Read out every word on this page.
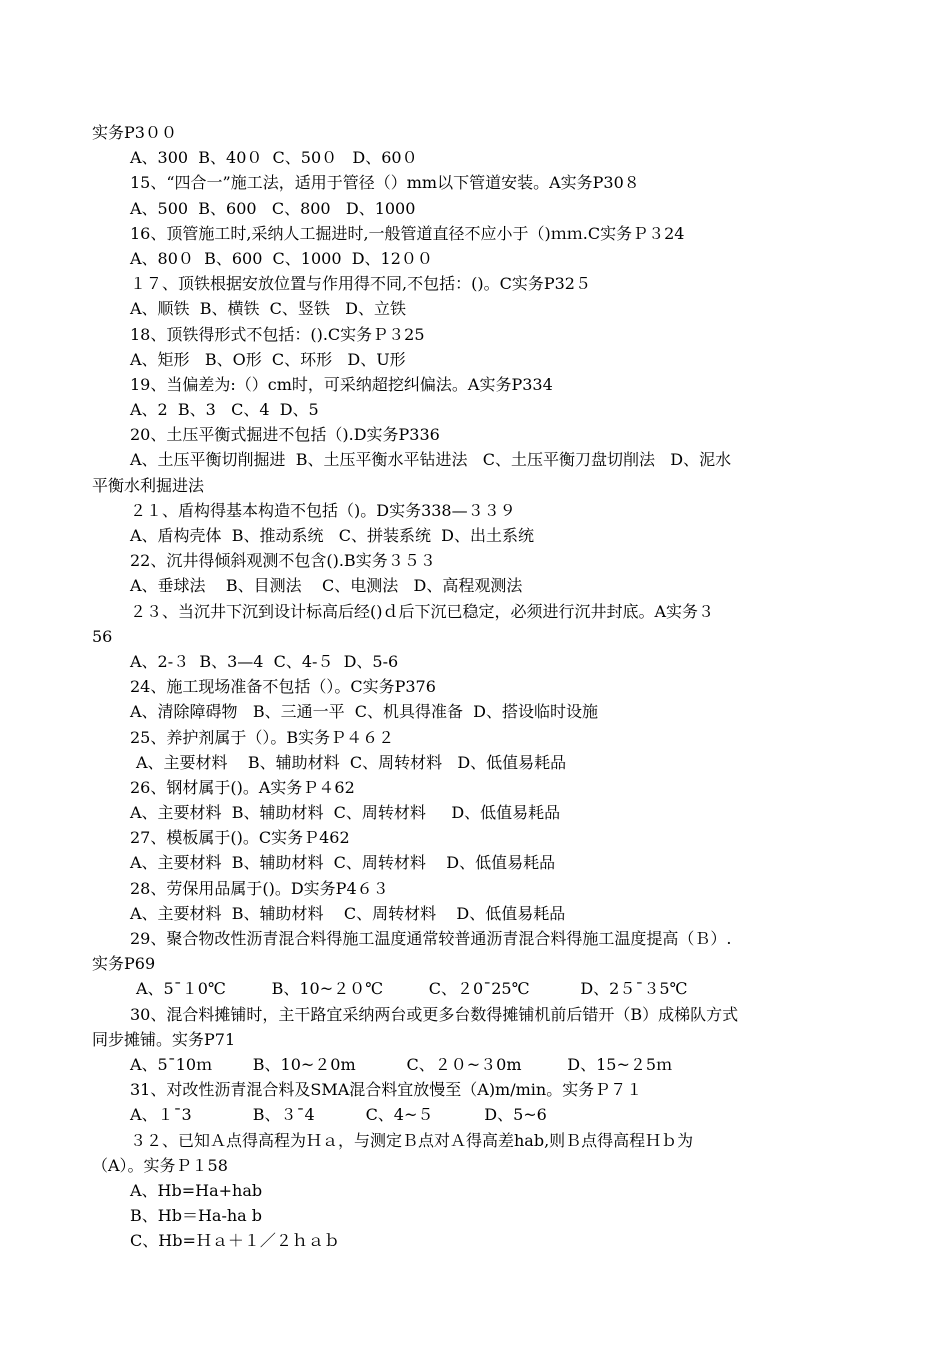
实务P3００
A、300  B、40０  C、50０   D、60０
15、“四合一”施工法，适用于管径（）mm以下管道安装。A实务P30８
A、500  B、600   C、800   D、1000
16、顶管施工时,采纳人工掘进时,一般管道直径不应小于（)ｍｍ.C实务Ｐ３24
A、80０  B、600  C、1000  D、12００
１７、顶铁根据安放位置与作用得不同,不包括：()。C实务P32５
A、顺铁  B、横铁  C、竖铁   D、立铁
18、顶铁得形式不包括：().C实务Ｐ３25
A、矩形   B、O形  C、环形   D、U形
19、当偏差为:（）cm时，可采纳超挖纠偏法。A实务P334
A、2  B、3   C、4  D、5
20、土压平衡式掘进不包括（).D实务P336
A、土压平衡切削掘进  B、土压平衡水平钻进法   C、土压平衡刀盘切削法   D、泥水
平衡水利掘进法
２１、盾构得基本构造不包括（)。D实务338—３３９
A、盾构壳体  B、推动系统   C、拼装系统  D、出土系统
22、沉井得倾斜观测不包含().B实务３５３
A、垂球法    B、目测法    C、电测法   D、高程观测法
２３、当沉井下沉到设计标高后经()ｄ后下沉已稳定，必须进行沉井封底。A实务３
56
A、2-３  B、3—4  C、4-５  D、5-6
24、施工现场准备不包括（）。C实务P376
A、清除障碍物   B、三通一平  C、机具得准备  D、搭设临时设施
25、养护剂属于（）。B实务Ｐ４６２
A、主要材料    B、辅助材料  C、周转材料   D、低值易耗品
26、钢材属于()。A实务Ｐ４62
A、主要材料  B、辅助材料  C、周转材料     D、低值易耗品
27、模板属于()。C实务Ｐ462
A、主要材料  B、辅助材料  C、周转材料    D、低值易耗品
28、劳保用品属于()。D实务P4６３
A、主要材料  B、辅助材料    C、周转材料    D、低值易耗品
29、聚合物改性沥青混合料得施工温度通常较普通沥青混合料得施工温度提高（Ｂ）.
实务P69
A、5¯１0℃         B、10~２０℃         C、２0¯25℃          D、2５¯３5℃
30、混合料摊铺时，主干路宜采纳两台或更多台数得摊铺机前后错开（B）成梯队方式
同步摊铺。实务P71
A、5¯10ｍ        B、10~２0m          C、２０~３0m         D、15~２5ｍ
31、对改性沥青混合料及SMA混合料宜放慢至（A)m/min。实务Ｐ７１
A、１¯3            B、３¯4          C、4~５          D、5~6
３２、已知Ａ点得高程为Ｈａ，与测定Ｂ点对Ａ得高差hab,则Ｂ点得高程Ｈｂ为
（A）。实务Ｐ１58
A、Hb=Ha+hab
B、Hb＝Ha-ha b
C、Hb=Ｈａ＋１／２ｈａｂ
